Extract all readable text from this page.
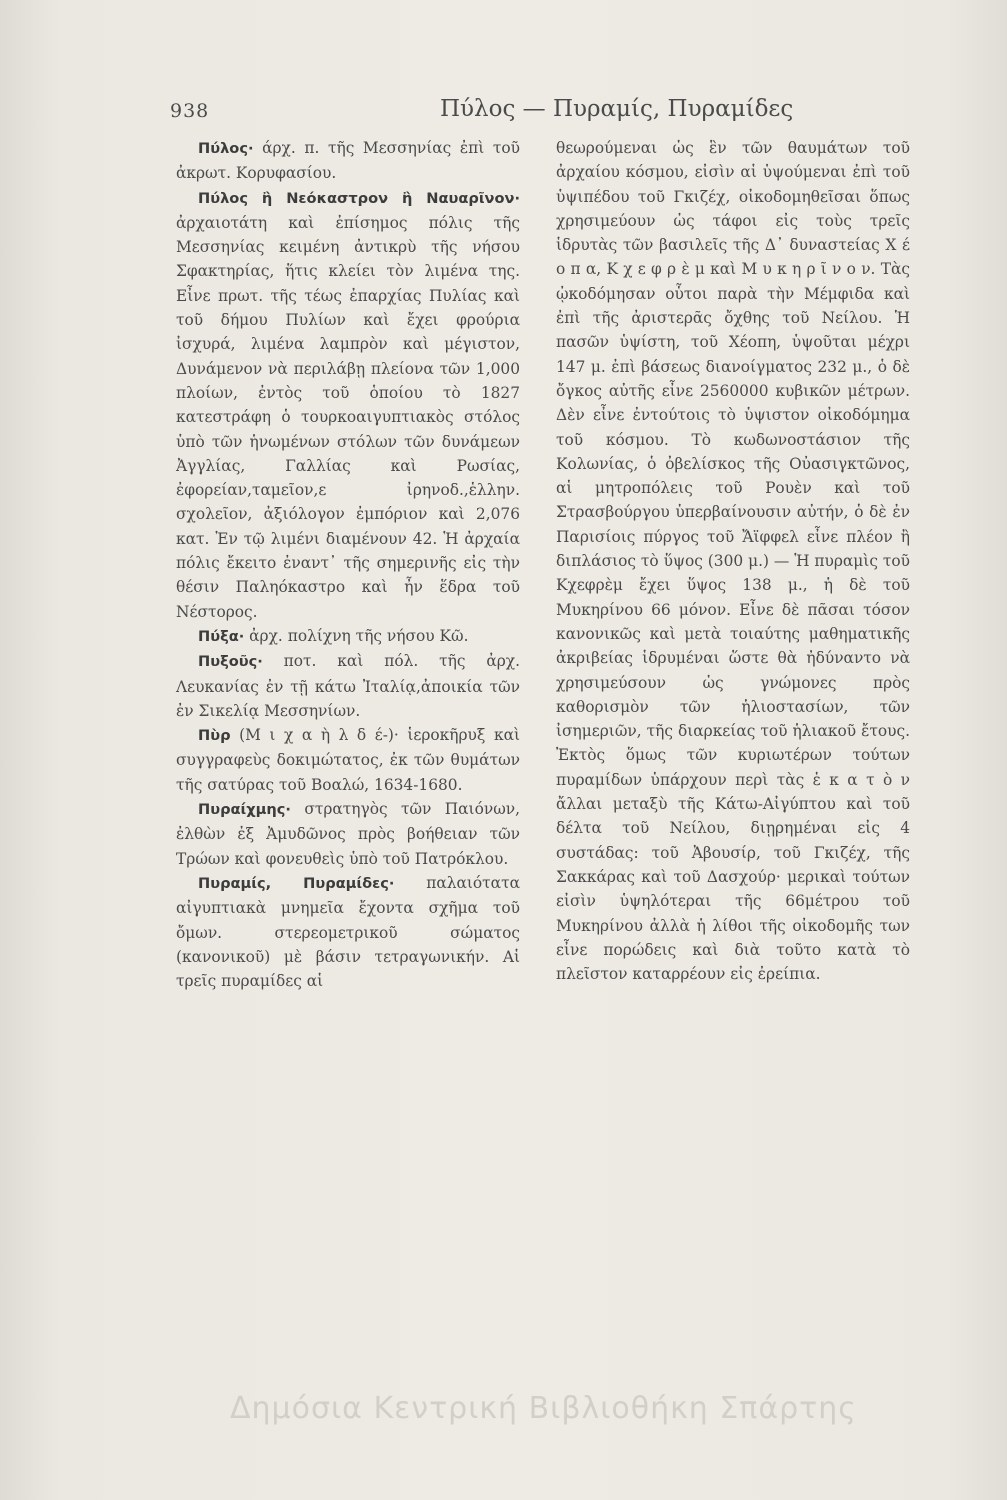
938	Πύλος — Πυραμίς, Πυραμίδες

Πύλος· άρχ. π. τῆς Μεσσηνίας ἐπὶ τοῦ ἀκρωτ. Κορυφασίου.

Πύλος ἢ Νεόκαστρον ἢ Ναυαρῖνον· ἀρχαιοτάτη καὶ ἐπίσημος πόλις τῆς Μεσσηνίας κειμένη ἀντικρὺ τῆς νήσου Σφακτηρίας, ἥτις κλείει τὸν λιμένα της. Εἶνε πρωτ. τῆς τέως ἐπαρχίας Πυλίας καὶ τοῦ δήμου Πυλίων καὶ ἔχει φρούρια ἰσχυρά, λιμένα λαμπρὸν καὶ μέγιστον, Δυνάμενον νὰ περιλάβῃ πλείονα τῶν 1,000 πλοίων, ἐντὸς τοῦ ὁποίου τὸ 1827 κατεστράφη ὁ τουρκοαιγυπτιακὸς στόλος ὑπὸ τῶν ἡνωμένων στόλων τῶν δυνάμεων Ἀγγλίας, Γαλλίας καὶ Ρωσίας, ἐφορείαν,ταμεῖον,ε ἰρηνοδ.,ἑλλην. σχολεῖον, ἀξιόλογον ἐμπόριον καὶ 2,076 κατ. Ἐν τῷ λιμένι διαμένουν 42. Ἡ ἀρχαία πόλις ἔκειτο ἐναντ᾽ τῆς σημερινῆς εἰς τὴν θέσιν Παληόκαστρο καὶ ἦν ἕδρα τοῦ Νέστορος.

Πύξα· ἀρχ. πολίχνη τῆς νήσου Κῶ.

Πυξοῦς· ποτ. καὶ πόλ. τῆς ἀρχ. Λευκανίας ἐν τῇ κάτω Ἰταλίᾳ,ἀποικία τῶν ἐν Σικελίᾳ Μεσσηνίων.

Πὺρ (Μ ι χ α ὴ λ δ έ-)· ἱεροκῆρυξ καὶ συγγραφεὺς δοκιμώτατος, ἐκ τῶν θυμάτων τῆς σατύρας τοῦ Βοαλώ, 1634-1680.

Πυραίχμης· στρατηγὸς τῶν Παιόνων, ἐλθὼν ἐξ Ἀμυδῶνος πρὸς βοήθειαν τῶν Τρώων καὶ φονευθεὶς ὑπὸ τοῦ Πατρόκλου.

Πυραμίς, Πυραμίδες· παλαιότατα αἰγυπτιακὰ μνημεῖα ἔχοντα σχῆμα τοῦ ὄμων. στερεομετρικοῦ σώματος (κανονικοῦ) μὲ βάσιν τετραγωνικήν. Αἱ τρεῖς πυραμίδες αἱ

θεωρούμεναι ὡς ἓν τῶν θαυμάτων τοῦ ἀρχαίου κόσμου, εἰσὶν αἱ ὑψούμεναι ἐπὶ τοῦ ὑψιπέδου τοῦ Γκιζέχ, οἰκοδομηθεῖσαι ὅπως χρησιμεύουν ὡς τάφοι εἰς τοὺς τρεῖς ἱδρυτὰς τῶν βασιλεῖς τῆς Δ᾽ δυναστείας Χ έ ο π α, Κ χ ε φ ρ ὲ μ καὶ Μ υ κ η ρ ῖ ν ο ν. Τὰς ᾠκοδόμησαν οὗτοι παρὰ τὴν Μέμφιδα καὶ ἐπὶ τῆς ἀριστερᾶς ὄχθης τοῦ Νείλου. Ἡ πασῶν ὑψίστη, τοῦ Χέοπη, ὑψοῦται μέχρι 147 μ. ἐπὶ βάσεως διανοίγματος 232 μ., ὁ δὲ ὄγκος αὐτῆς εἶνε 2560000 κυβικῶν μέτρων. Δὲν εἶνε ἐντούτοις τὸ ὑψιστον οἰκοδόμημα τοῦ κόσμου. Τὸ κωδωνοστάσιον τῆς Κολωνίας, ὁ ὀβελίσκος τῆς Οὐασιγκτῶνος, αἱ μητροπόλεις τοῦ Ρουὲν καὶ τοῦ Στρασβούργου ὑπερβαίνουσιν αὐτήν, ὁ δὲ ἐν Παρισίοις πύργος τοῦ Ἄϊφφελ εἶνε πλέον ἢ διπλάσιος τὸ ὕψος (300 μ.) — Ἡ πυραμὶς τοῦ Κχεφρὲμ ἔχει ὕψος 138 μ., ἡ δὲ τοῦ Μυκηρίνου 66 μόνον. Εἶνε δὲ πᾶσαι τόσον κανονικῶς καὶ μετὰ τοιαύτης μαθηματικῆς ἀκριβείας ἱδρυμέναι ὥστε θὰ ἠδύναντο νὰ χρησιμεύσουν ὡς γνώμονες πρὸς καθορισμὸν τῶν ἡλιοστασίων, τῶν ἰσημεριῶν, τῆς διαρκείας τοῦ ἡλιακοῦ ἔτους. Ἐκτὸς ὅμως τῶν κυριωτέρων τούτων πυραμίδων ὑπάρχουν περὶ τὰς ἑ κ α τ ὸ ν ἄλλαι μεταξὺ τῆς Κάτω-Αἰγύπτου καὶ τοῦ δέλτα τοῦ Νείλου, διῃρημέναι εἰς 4 συστάδας: τοῦ Ἀβουσίρ, τοῦ Γκιζέχ, τῆς Σακκάρας καὶ τοῦ Δασχούρ· μερικαὶ τούτων εἰσὶν ὑψηλότεραι τῆς 66μέτρου τοῦ Μυκηρίνου ἀλλὰ ἡ λίθοι τῆς οἰκοδομῆς των εἶνε πορώδεις καὶ διὰ τοῦτο κατὰ τὸ πλεῖστον καταρρέουν εἰς ἐρείπια.

Δημόσια Κεντρική Βιβλιοθήκη Σπάρτης
